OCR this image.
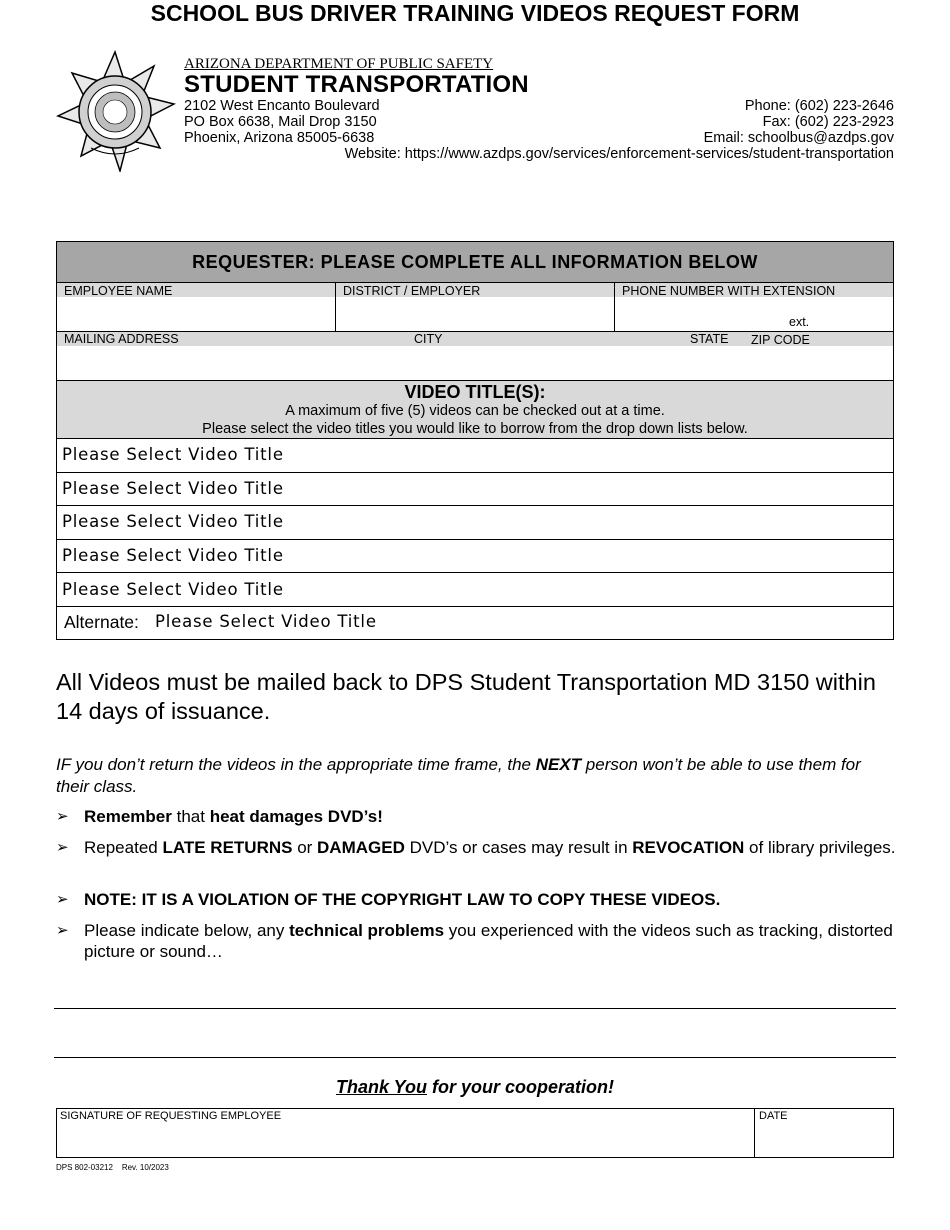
ARIZONA DEPARTMENT OF PUBLIC SAFETY
STUDENT TRANSPORTATION
2102 West Encanto Boulevard
PO Box 6638, Mail Drop 3150
Phoenix, Arizona 85005-6638
Phone: (602) 223-2646
Fax: (602) 223-2923
Email: schoolbus@azdps.gov
Website: https://www.azdps.gov/services/enforcement-services/student-transportation
SCHOOL BUS DRIVER TRAINING VIDEOS REQUEST FORM
REQUESTER: PLEASE COMPLETE ALL INFORMATION BELOW
EMPLOYEE NAME	DISTRICT / EMPLOYER	PHONE NUMBER WITH EXTENSION
ext.
MAILING ADDRESS	CITY	STATE ZIP CODE
VIDEO TITLE(S):
A maximum of five (5) videos can be checked out at a time.
Please select the video titles you would like to borrow from the drop down lists below.
Please Select Video Title
Please Select Video Title
Please Select Video Title
Please Select Video Title
Please Select Video Title
Alternate: Please Select Video Title
All Videos must be mailed back to DPS Student Transportation MD 3150 within 14 days of issuance.
IF you don’t return the videos in the appropriate time frame, the NEXT person won’t be able to use them for their class.
➢ Remember that heat damages DVD’s!
➢ Repeated LATE RETURNS or DAMAGED DVD’s or cases may result in REVOCATION of library privileges.
➢ NOTE: IT IS A VIOLATION OF THE COPYRIGHT LAW TO COPY THESE VIDEOS.
➢ Please indicate below, any technical problems you experienced with the videos such as tracking, distorted picture or sound…
Thank You for your cooperation!
SIGNATURE OF REQUESTING EMPLOYEE	DATE
DPS 802-03212    Rev. 10/2023
